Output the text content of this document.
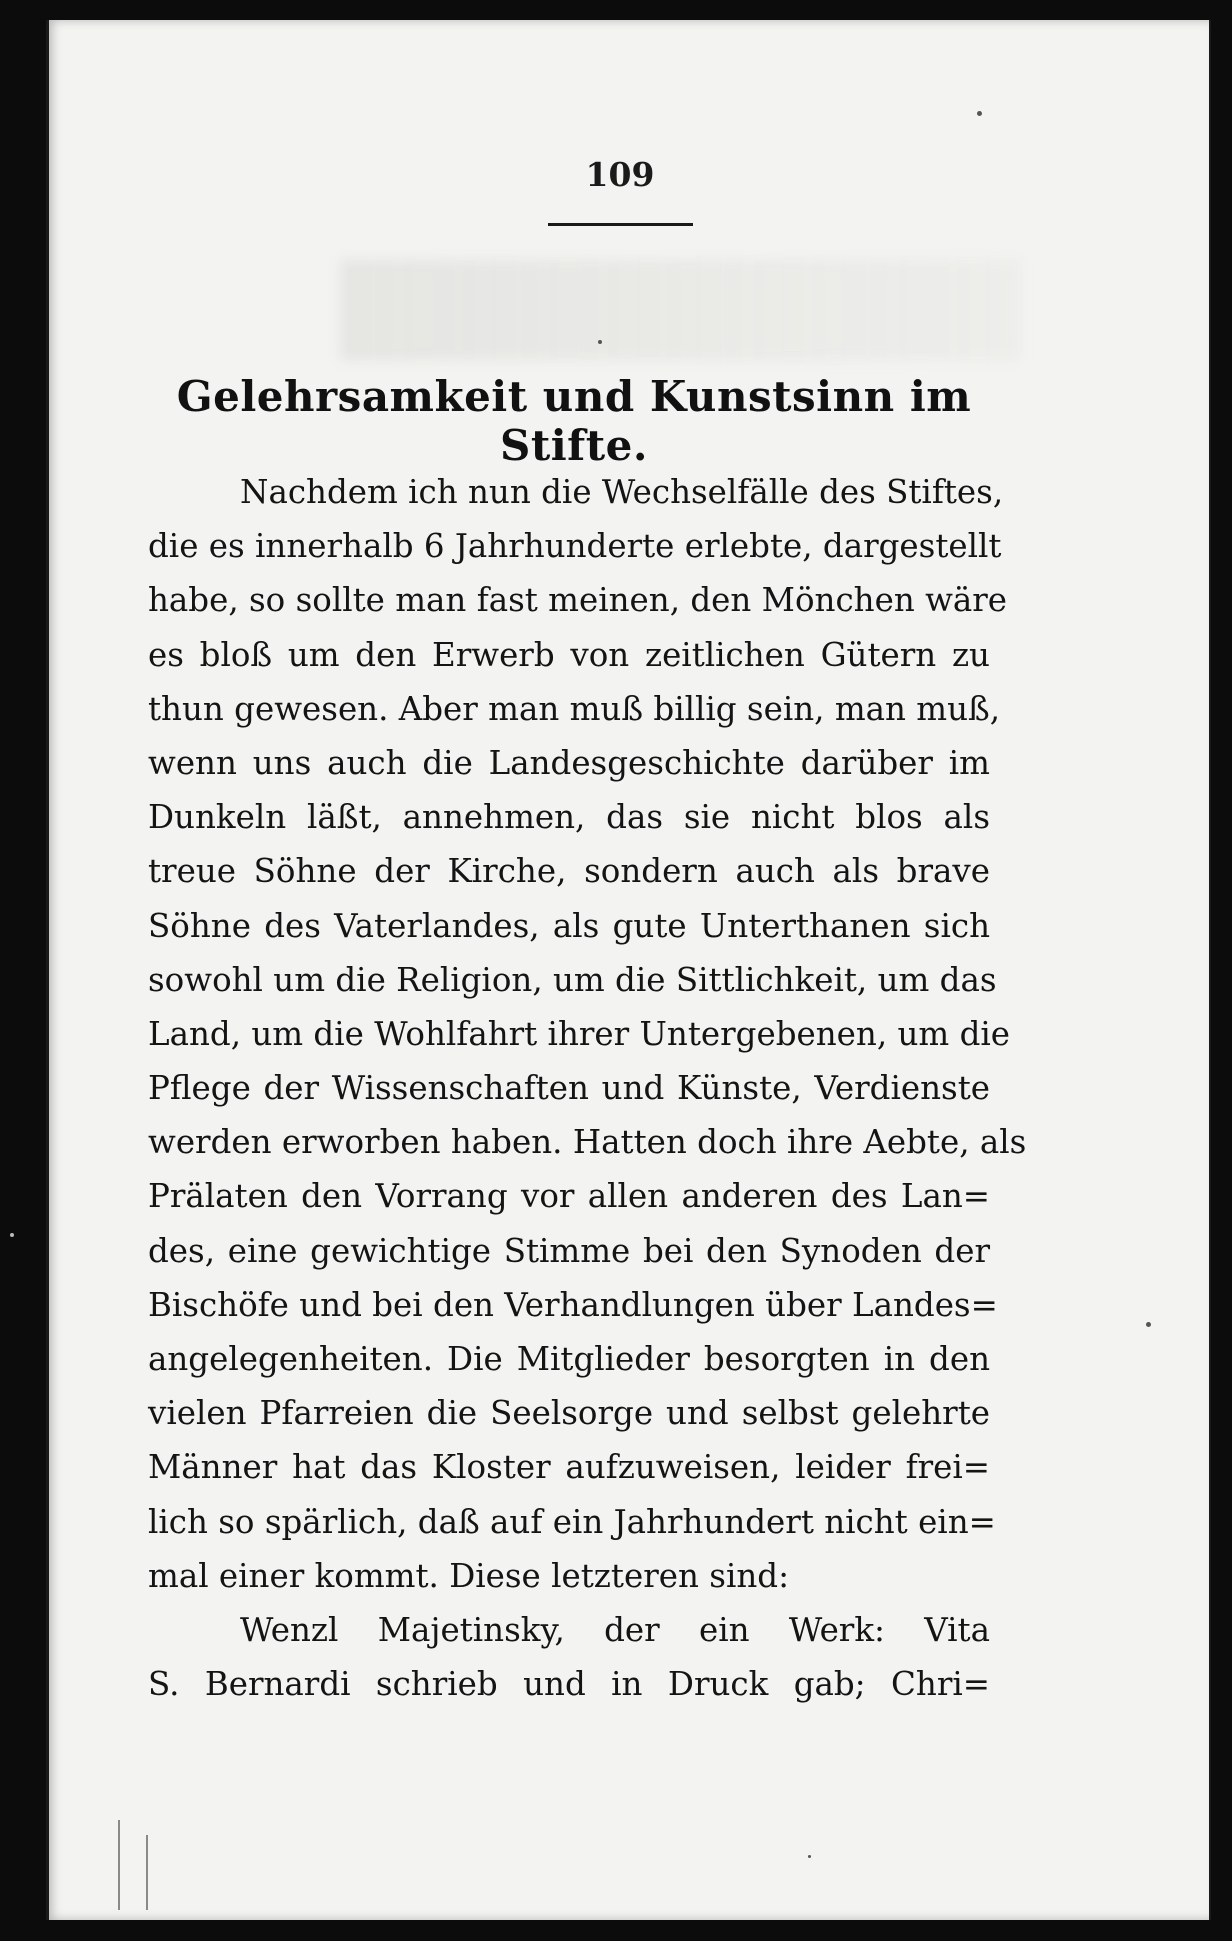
109
Gelehrsamkeit und Kunstsinn im Stifte.
Nachdem ich nun die Wechselfälle des Stiftes,
die es innerhalb 6 Jahrhunderte erlebte, dargestellt
habe, so sollte man fast meinen, den Mönchen wäre
es bloß um den Erwerb von zeitlichen Gütern zu
thun gewesen. Aber man muß billig sein, man muß,
wenn uns auch die Landesgeschichte darüber im
Dunkeln läßt, annehmen, das sie nicht blos als
treue Söhne der Kirche, sondern auch als brave
Söhne des Vaterlandes, als gute Unterthanen sich
sowohl um die Religion, um die Sittlichkeit, um das
Land, um die Wohlfahrt ihrer Untergebenen, um die
Pflege der Wissenschaften und Künste, Verdienste
werden erworben haben. Hatten doch ihre Aebte, als
Prälaten den Vorrang vor allen anderen des Lan=
des, eine gewichtige Stimme bei den Synoden der
Bischöfe und bei den Verhandlungen über Landes=
angelegenheiten. Die Mitglieder besorgten in den
vielen Pfarreien die Seelsorge und selbst gelehrte
Männer hat das Kloster aufzuweisen, leider frei=
lich so spärlich, daß auf ein Jahrhundert nicht ein=
mal einer kommt. Diese letzteren sind:
Wenzl Majetinsky, der ein Werk: Vita
S. Bernardi schrieb und in Druck gab; Chri=
